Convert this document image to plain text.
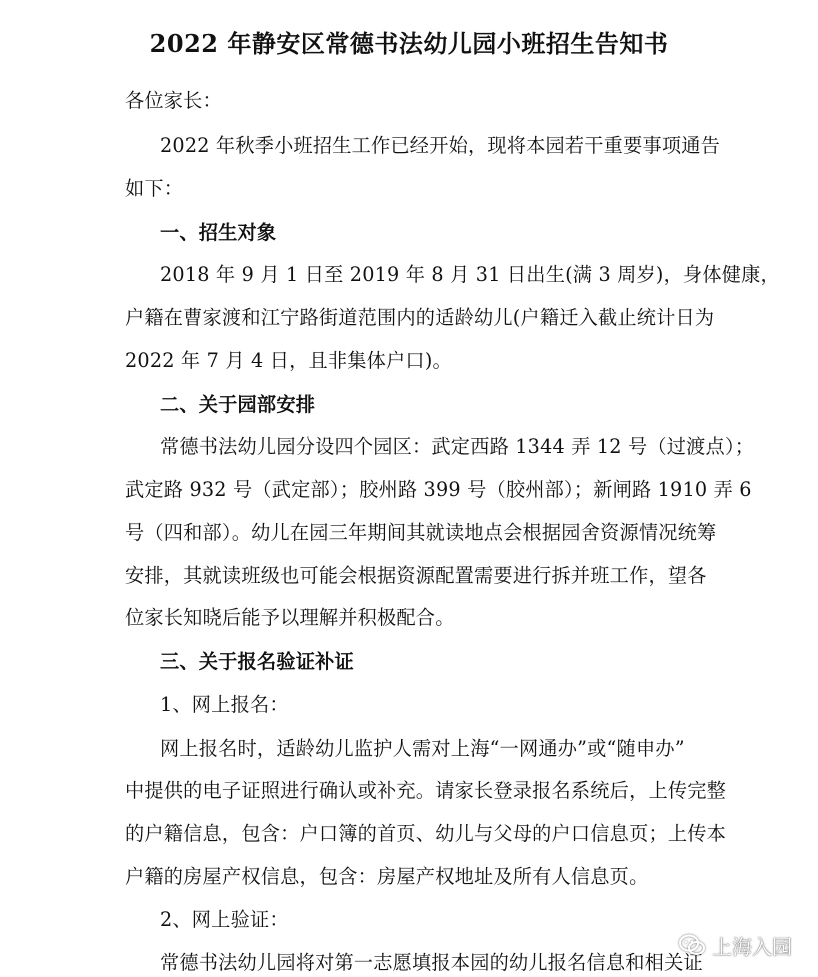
2022 年静安区常德书法幼儿园小班招生告知书
各位家长：
2022 年秋季小班招生工作已经开始，现将本园若干重要事项通告
如下：
一、招生对象
2018 年 9 月 1 日至 2019 年 8 月 31 日出生(满 3 周岁)，身体健康，
户籍在曹家渡和江宁路街道范围内的适龄幼儿(户籍迁入截止统计日为
2022 年 7 月 4 日，且非集体户口)。
二、关于园部安排
常德书法幼儿园分设四个园区：武定西路 1344 弄 12 号（过渡点）；
武定路 932 号（武定部）；胶州路 399 号（胶州部）；新闸路 1910 弄 6
号（四和部）。幼儿在园三年期间其就读地点会根据园舍资源情况统筹
安排，其就读班级也可能会根据资源配置需要进行拆并班工作，望各
位家长知晓后能予以理解并积极配合。
三、关于报名验证补证
1、网上报名：
网上报名时，适龄幼儿监护人需对上海“一网通办”或“随申办”
中提供的电子证照进行确认或补充。请家长登录报名系统后，上传完整
的户籍信息，包含：户口簿的首页、幼儿与父母的户口信息页；上传本
户籍的房屋产权信息，包含：房屋产权地址及所有人信息页。
2、网上验证：
常德书法幼儿园将对第一志愿填报本园的幼儿报名信息和相关证
上海入园
